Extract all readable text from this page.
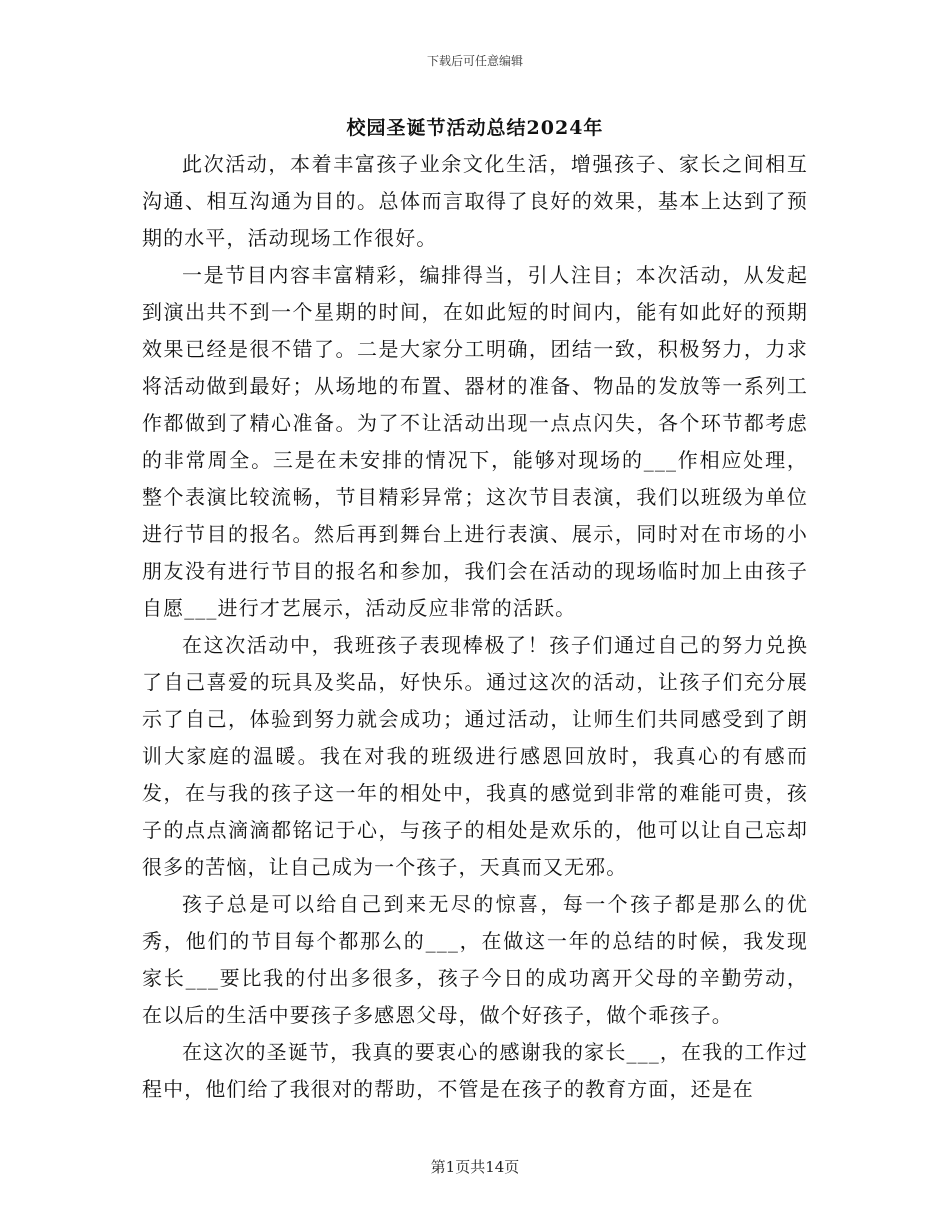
下载后可任意编辑
校园圣诞节活动总结2024年

此次活动，本着丰富孩子业余文化生活，增强孩子、家长之间相互沟通、相互沟通为目的。总体而言取得了良好的效果，基本上达到了预期的水平，活动现场工作很好。

一是节目内容丰富精彩，编排得当，引人注目；本次活动，从发起到演出共不到一个星期的时间，在如此短的时间内，能有如此好的预期效果已经是很不错了。二是大家分工明确，团结一致，积极努力，力求将活动做到最好；从场地的布置、器材的准备、物品的发放等一系列工作都做到了精心准备。为了不让活动出现一点点闪失，各个环节都考虑的非常周全。三是在未安排的情况下，能够对现场的___作相应处理，整个表演比较流畅，节目精彩异常；这次节目表演，我们以班级为单位进行节目的报名。然后再到舞台上进行表演、展示，同时对在市场的小朋友没有进行节目的报名和参加，我们会在活动的现场临时加上由孩子自愿___进行才艺展示，活动反应非常的活跃。

在这次活动中，我班孩子表现棒极了！孩子们通过自己的努力兑换了自己喜爱的玩具及奖品，好快乐。通过这次的活动，让孩子们充分展示了自己，体验到努力就会成功；通过活动，让师生们共同感受到了朗训大家庭的温暖。我在对我的班级进行感恩回放时，我真心的有感而发，在与我的孩子这一年的相处中，我真的感觉到非常的难能可贵，孩子的点点滴滴都铭记于心，与孩子的相处是欢乐的，他可以让自己忘却很多的苦恼，让自己成为一个孩子，天真而又无邪。

孩子总是可以给自己到来无尽的惊喜，每一个孩子都是那么的优秀，他们的节目每个都那么的___，在做这一年的总结的时候，我发现家长___要比我的付出多很多，孩子今日的成功离开父母的辛勤劳动，在以后的生活中要孩子多感恩父母，做个好孩子，做个乖孩子。

在这次的圣诞节，我真的要衷心的感谢我的家长___，在我的工作过程中，他们给了我很对的帮助，不管是在孩子的教育方面，还是在

第1页共14页
